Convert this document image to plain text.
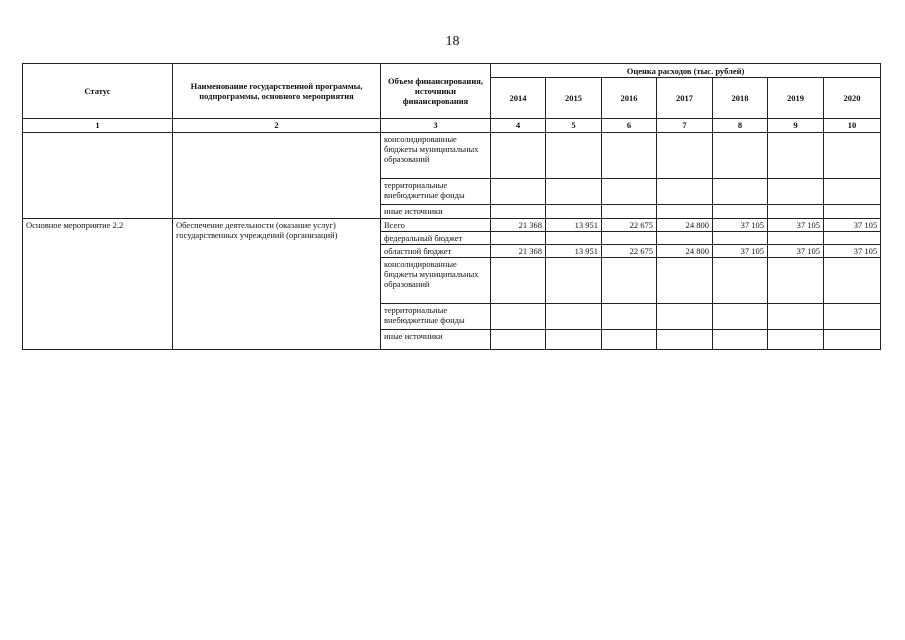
18
Статус	Наименование государственной программы, подпрограммы, основного мероприятия	Объем финансирования, источники финансирования	Оценка расходов (тыс. рублей)						
			2014	2015	2016	2017	2018	2019	2020
1	2	3	4	5	6	7	8	9	10
		консолидированные бюджеты муниципальных образований							
		территориальные внебюджетные фонды							
		иные источники							
Основное мероприятие 2.2	Обеспечение деятельности (оказание услуг) государственных учреждений (организаций)	Всего	21 368	13 951	22 675	24 800	37 105	37 105	37 105
		федеральный бюджет							
		областной бюджет	21 368	13 951	22 675	24 800	37 105	37 105	37 105
		консолидированные бюджеты муниципальных образований							
		территориальные внебюджетные фонды							
		иные источники							
